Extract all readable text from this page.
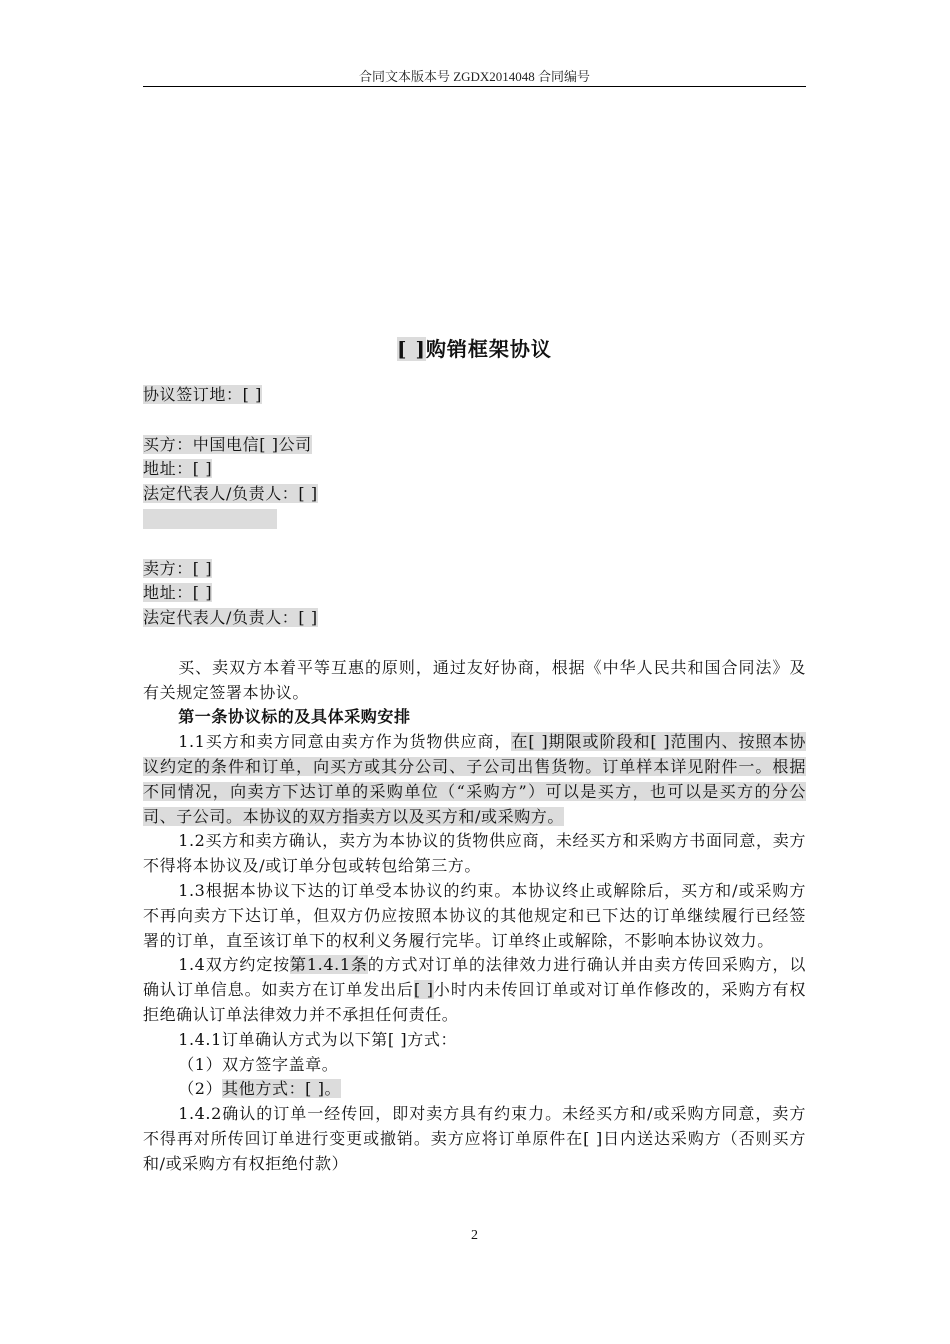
合同文本版本号 ZGDX2014048 合同编号
[ ]购销框架协议
协议签订地：[ ]
买方：中国电信[ ]公司
地址：[ ]
法定代表人/负责人：[ ]
卖方：[ ]
地址：[ ]
法定代表人/负责人：[ ]

买、卖双方本着平等互惠的原则，通过友好协商，根据《中华人民共和国合同法》及有关规定签署本协议。

第一条协议标的及具体采购安排

1.1买方和卖方同意由卖方作为货物供应商，在[ ]期限或阶段和[ ]范围内、按照本协议约定的条件和订单，向买方或其分公司、子公司出售货物。订单样本详见附件一。根据不同情况，向卖方下达订单的采购单位（“采购方”）可以是买方，也可以是买方的分公司、子公司。本协议的双方指卖方以及买方和/或采购方。

1.2买方和卖方确认，卖方为本协议的货物供应商，未经买方和采购方书面同意，卖方不得将本协议及/或订单分包或转包给第三方。

1.3根据本协议下达的订单受本协议的约束。本协议终止或解除后，买方和/或采购方不再向卖方下达订单，但双方仍应按照本协议的其他规定和已下达的订单继续履行已经签署的订单，直至该订单下的权利义务履行完毕。订单终止或解除，不影响本协议效力。

1.4双方约定按第1.4.1条的方式对订单的法律效力进行确认并由卖方传回采购方，以确认订单信息。如卖方在订单发出后[ ]小时内未传回订单或对订单作修改的，采购方有权拒绝确认订单法律效力并不承担任何责任。

1.4.1订单确认方式为以下第[ ]方式：

（1）双方签字盖章。

（2）其他方式：[ ]。

1.4.2确认的订单一经传回，即对卖方具有约束力。未经买方和/或采购方同意，卖方不得再对所传回订单进行变更或撤销。卖方应将订单原件在[ ]日内送达采购方（否则买方和/或采购方有权拒绝付款）

2
